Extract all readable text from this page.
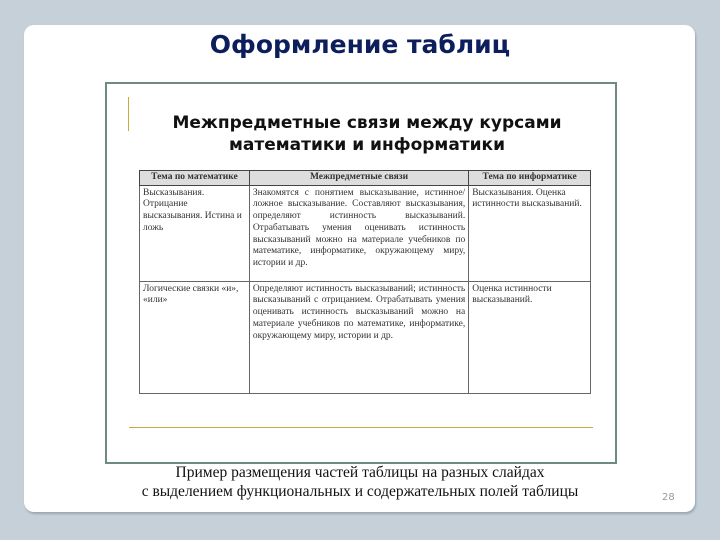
Оформление таблиц
Межпредметные связи между курсами
математики и информатики
Тема по математике	Межпредметные связи	Тема по информатике
Высказывания. Отрицание высказывания. Истина и ложь	Знакомятся с понятием высказывание, истинное/ложное высказывание. Составляют высказывания, определяют истинность высказываний. Отрабатывать умения оценивать истинность высказываний можно на материале учебников по математике, информатике, окружающему миру, истории и др.	Высказывания. Оценка истинности высказываний.
Логические связки «и», «или»	Определяют истинность высказываний; истинность высказываний с отрицанием. Отрабатывать умения оценивать истинность высказываний можно на материале учебников по математике, информатике, окружающему миру, истории и др.	Оценка истинности высказываний.
Пример размещения частей таблицы на разных слайдах
с выделением функциональных и содержательных полей таблицы	28
